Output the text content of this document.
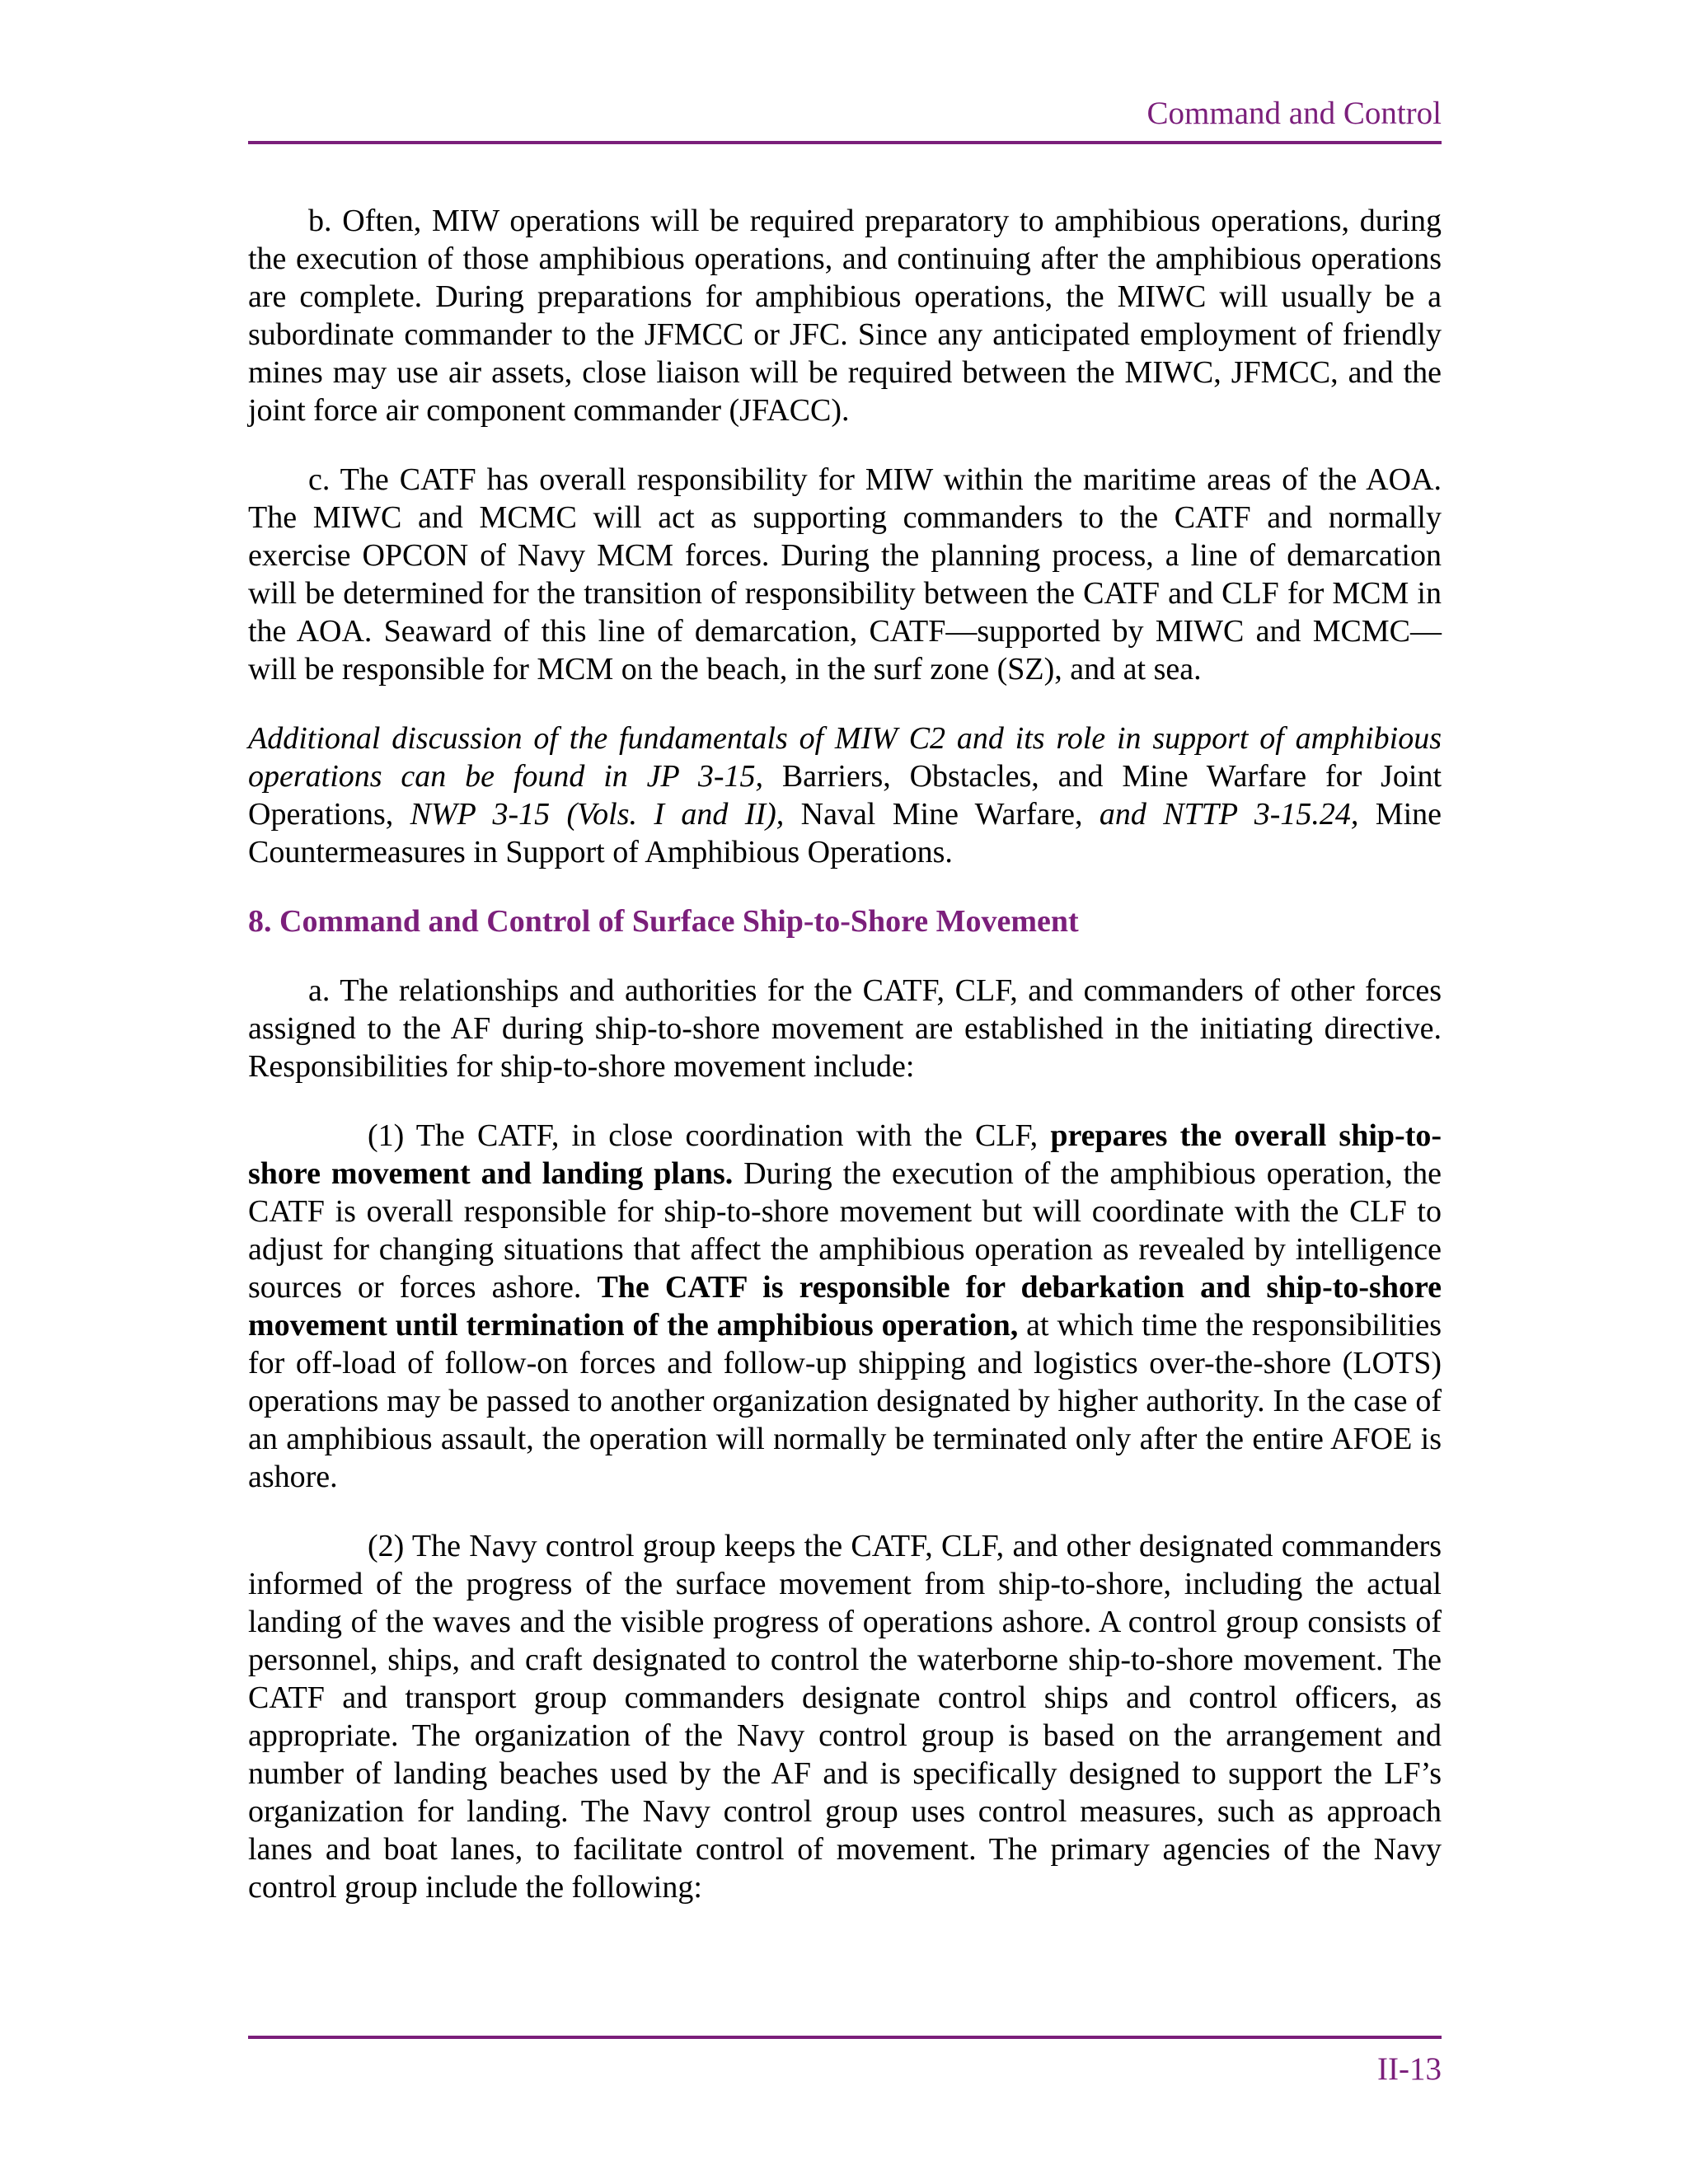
Command and Control

b. Often, MIW operations will be required preparatory to amphibious operations, during the execution of those amphibious operations, and continuing after the amphibious operations are complete. During preparations for amphibious operations, the MIWC will usually be a subordinate commander to the JFMCC or JFC. Since any anticipated employment of friendly mines may use air assets, close liaison will be required between the MIWC, JFMCC, and the joint force air component commander (JFACC).

c. The CATF has overall responsibility for MIW within the maritime areas of the AOA. The MIWC and MCMC will act as supporting commanders to the CATF and normally exercise OPCON of Navy MCM forces. During the planning process, a line of demarcation will be determined for the transition of responsibility between the CATF and CLF for MCM in the AOA. Seaward of this line of demarcation, CATF—supported by MIWC and MCMC—will be responsible for MCM on the beach, in the surf zone (SZ), and at sea.

Additional discussion of the fundamentals of MIW C2 and its role in support of amphibious operations can be found in JP 3-15, Barriers, Obstacles, and Mine Warfare for Joint Operations, NWP 3-15 (Vols. I and II), Naval Mine Warfare, and NTTP 3-15.24, Mine Countermeasures in Support of Amphibious Operations.

8. Command and Control of Surface Ship-to-Shore Movement

a. The relationships and authorities for the CATF, CLF, and commanders of other forces assigned to the AF during ship-to-shore movement are established in the initiating directive. Responsibilities for ship-to-shore movement include:

(1) The CATF, in close coordination with the CLF, prepares the overall ship-to-shore movement and landing plans. During the execution of the amphibious operation, the CATF is overall responsible for ship-to-shore movement but will coordinate with the CLF to adjust for changing situations that affect the amphibious operation as revealed by intelligence sources or forces ashore. The CATF is responsible for debarkation and ship-to-shore movement until termination of the amphibious operation, at which time the responsibilities for off-load of follow-on forces and follow-up shipping and logistics over-the-shore (LOTS) operations may be passed to another organization designated by higher authority. In the case of an amphibious assault, the operation will normally be terminated only after the entire AFOE is ashore.

(2) The Navy control group keeps the CATF, CLF, and other designated commanders informed of the progress of the surface movement from ship-to-shore, including the actual landing of the waves and the visible progress of operations ashore. A control group consists of personnel, ships, and craft designated to control the waterborne ship-to-shore movement. The CATF and transport group commanders designate control ships and control officers, as appropriate. The organization of the Navy control group is based on the arrangement and number of landing beaches used by the AF and is specifically designed to support the LF’s organization for landing. The Navy control group uses control measures, such as approach lanes and boat lanes, to facilitate control of movement. The primary agencies of the Navy control group include the following:

II-13
